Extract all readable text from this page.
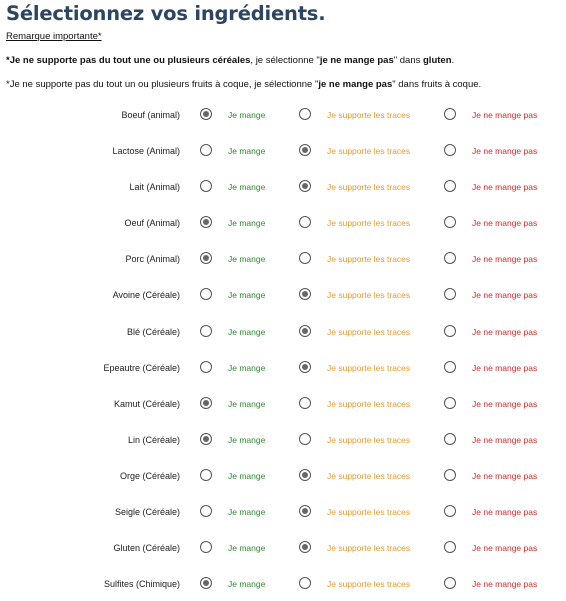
Sélectionnez vos ingrédients.
Remarque importante*
*Je ne supporte pas du tout une ou plusieurs céréales, je sélectionne "je ne mange pas" dans gluten.
*Je ne supporte pas du tout un ou plusieurs fruits à coque, je sélectionne "je ne mange pas" dans fruits à coque.
Boeuf (animal)	Je mange	Je supporte les traces	Je ne mange pas
Lactose (Animal)	Je mange	Je supporte les traces	Je ne mange pas
Lait (Animal)	Je mange	Je supporte les traces	Je ne mange pas
Oeuf (Animal)	Je mange	Je supporte les traces	Je ne mange pas
Porc (Animal)	Je mange	Je supporte les traces	Je ne mange pas
Avoine (Céréale)	Je mange	Je supporte les traces	Je ne mange pas
Blé (Céréale)	Je mange	Je supporte les traces	Je ne mange pas
Epeautre (Céréale)	Je mange	Je supporte les traces	Je ne mange pas
Kamut (Céréale)	Je mange	Je supporte les traces	Je ne mange pas
Lin (Céréale)	Je mange	Je supporte les traces	Je ne mange pas
Orge (Céréale)	Je mange	Je supporte les traces	Je ne mange pas
Seigle (Céréale)	Je mange	Je supporte les traces	Je ne mange pas
Gluten (Céréale)	Je mange	Je supporte les traces	Je ne mange pas
Sulfites (Chimique)	Je mange	Je supporte les traces	Je ne mange pas
